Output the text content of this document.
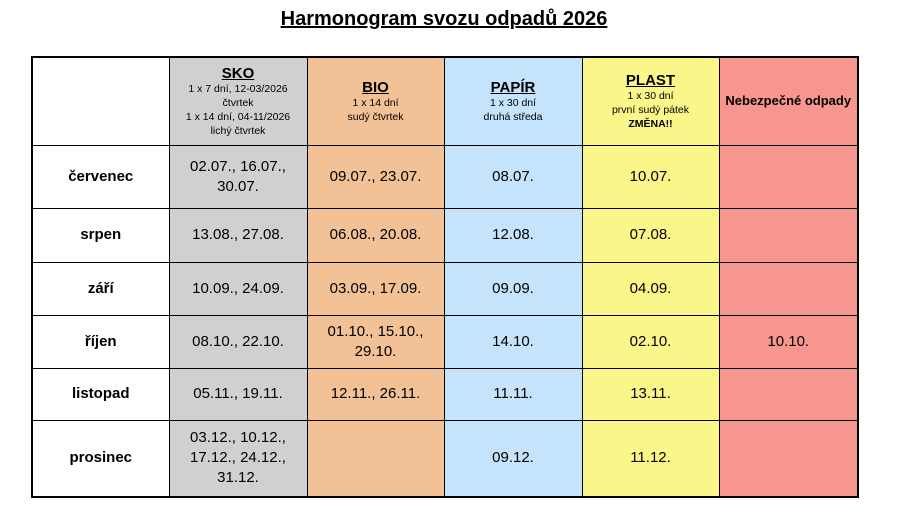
Harmonogram svozu odpadů 2026

	SKO
1 x 7 dní, 12-03/2026
čtvrtek
1 x 14 dní, 04-11/2026
lichý čtvrtek	BIO
1 x 14 dní
sudý čtvrtek	PAPÍR
1 x 30 dní
druhá středa	PLAST
1 x 30 dní
první sudý pátek
ZMĚNA!!	Nebezpečné odpady

červenec	02.07., 16.07., 30.07.	09.07., 23.07.	08.07.	10.07.	
srpen	13.08., 27.08.	06.08., 20.08.	12.08.	07.08.	
září	10.09., 24.09.	03.09., 17.09.	09.09.	04.09.	
říjen	08.10., 22.10.	01.10., 15.10., 29.10.	14.10.	02.10.	10.10.
listopad	05.11., 19.11.	12.11., 26.11.	11.11.	13.11.	
prosinec	03.12., 10.12., 17.12., 24.12., 31.12.		09.12.	11.12.	
